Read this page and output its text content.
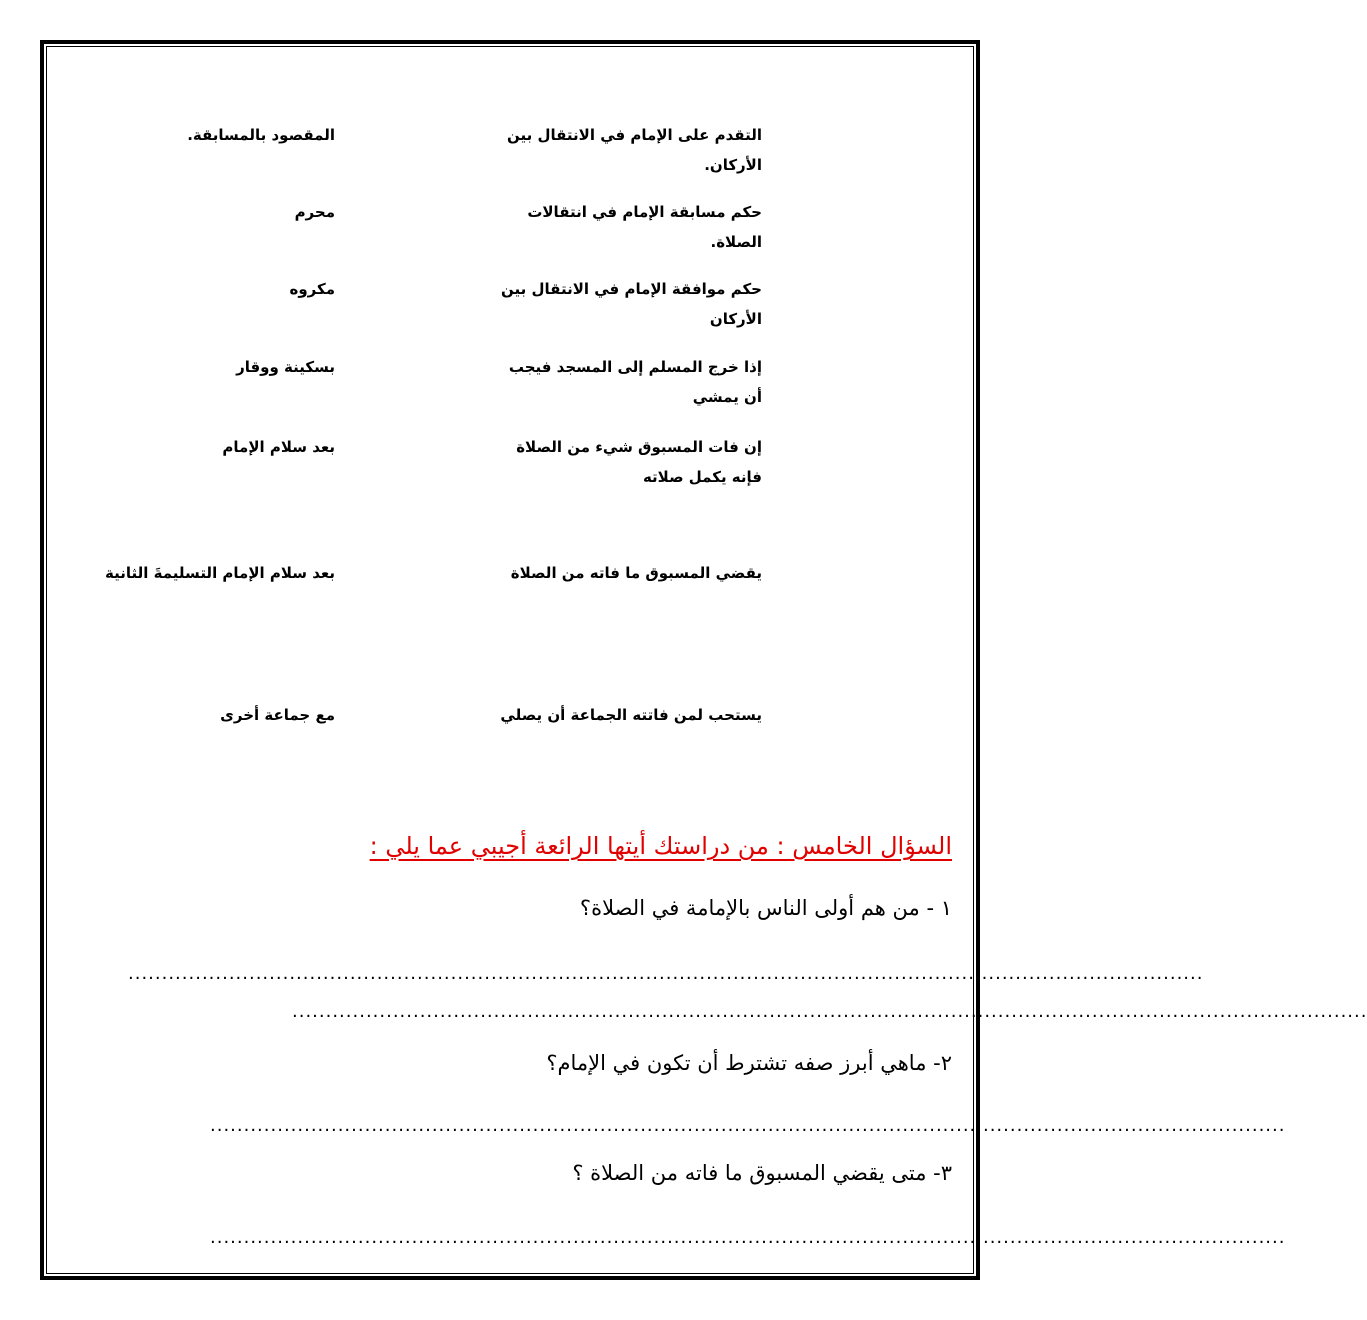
التقدم على الإمام في الانتقال بين الأركان.
المقصود بالمسابقة.
حكم مسابقة الإمام في انتقالات الصلاة.
محرم
حكم موافقة الإمام في الانتقال بين الأركان
مكروه
إذا خرج المسلم إلى المسجد فيجب أن يمشي
بسكينة ووقار
إن فات المسبوق شيء من الصلاة فإنه يكمل صلاته
بعد سلام الإمام
يقضي المسبوق ما فاته من الصلاة
بعد سلام الإمام التسليمةَ الثانية
يستحب لمن فاتته الجماعة أن يصلي
مع جماعة أخرى
السؤال الخامس : من دراستك أيتها الرائعة أجيبي عما يلي :
١ - من هم أولى الناس بالإمامة في الصلاة؟
................................................................................................................................................................
................................................................................................................................................................
٢- ماهي أبرز صفه تشترط أن تكون في الإمام؟
................................................................................................................................................................
٣- متى يقضي المسبوق ما فاته من الصلاة ؟
................................................................................................................................................................
